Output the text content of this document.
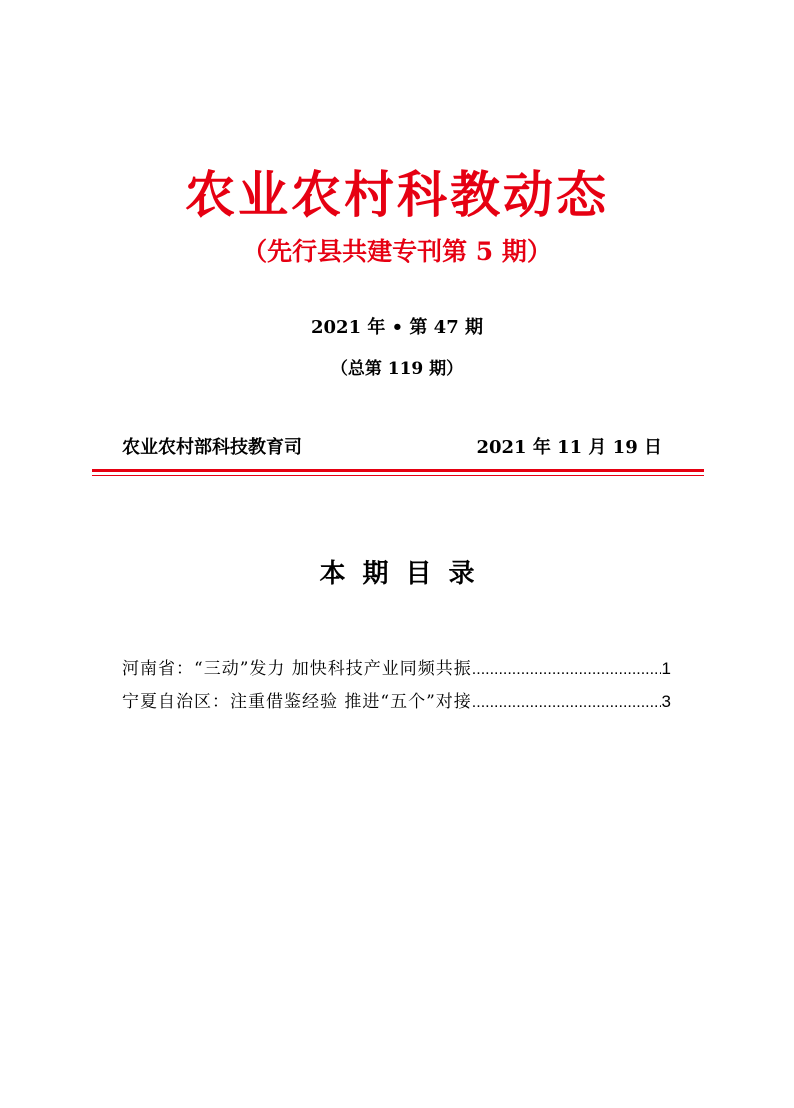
农业农村科教动态
（先行县共建专刊第 5 期）
2021 年 • 第 47 期
（总第 119 期）
农业农村部科技教育司	2021 年 11 月 19 日
本期目录
河南省：“三动”发力 加快科技产业同频共振 .....	1
宁夏自治区：注重借鉴经验 推进“五个”对接 .....	3
